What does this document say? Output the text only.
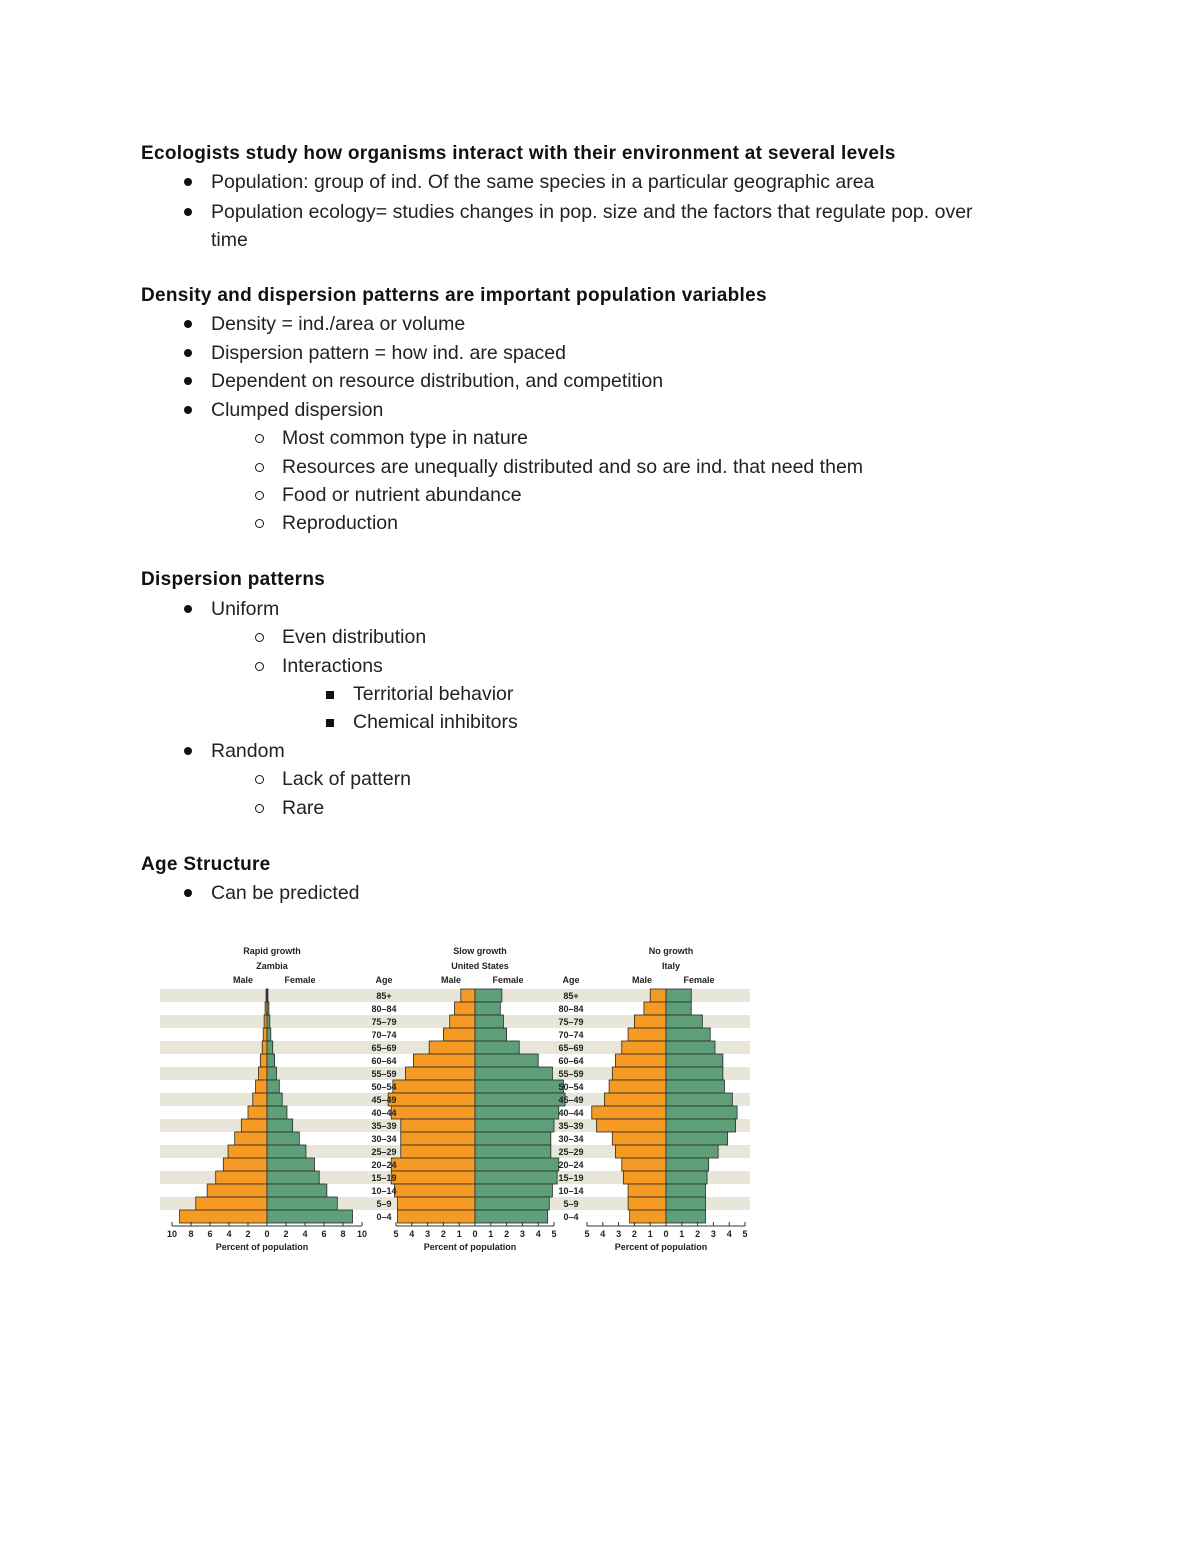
Ecologists study how organisms interact with their environment at several levels
Population: group of ind. Of the same species in a particular geographic area
Population ecology= studies changes in pop. size and the factors that regulate pop. over
time
Density and dispersion patterns are important population variables
Density = ind./area or volume
Dispersion pattern = how ind. are spaced
Dependent on resource distribution, and competition
Clumped dispersion
Most common type in nature
Resources are unequally distributed and so are ind. that need them
Food or nutrient abundance
Reproduction
Dispersion patterns
Uniform
Even distribution
Interactions
Territorial behavior
Chemical inhibitors
Random
Lack of pattern
Rare
Age Structure
Can be predicted
Rapid growth
Zambia
Male	Female
10 8 6 4 2 0 2 4 6 8 10
Percent of population
Slow growth
United States
Male	Female
5 4 3 2 1 0 1 2 3 4 5
Percent of population
No growth
Italy
Male	Female
5 4 3 2 1 0 1 2 3 4 5
Percent of population
Age
85+
80–84
75–79
70–74
65–69
60–64
55–59
50–54
45–49
40–44
35–39
30–34
25–29
20–24
15–19
10–14
5–9
0–4
Age
85+
80–84
75–79
70–74
65–69
60–64
55–59
50–54
45–49
40–44
35–39
30–34
25–29
20–24
15–19
10–14
5–9
0–4
